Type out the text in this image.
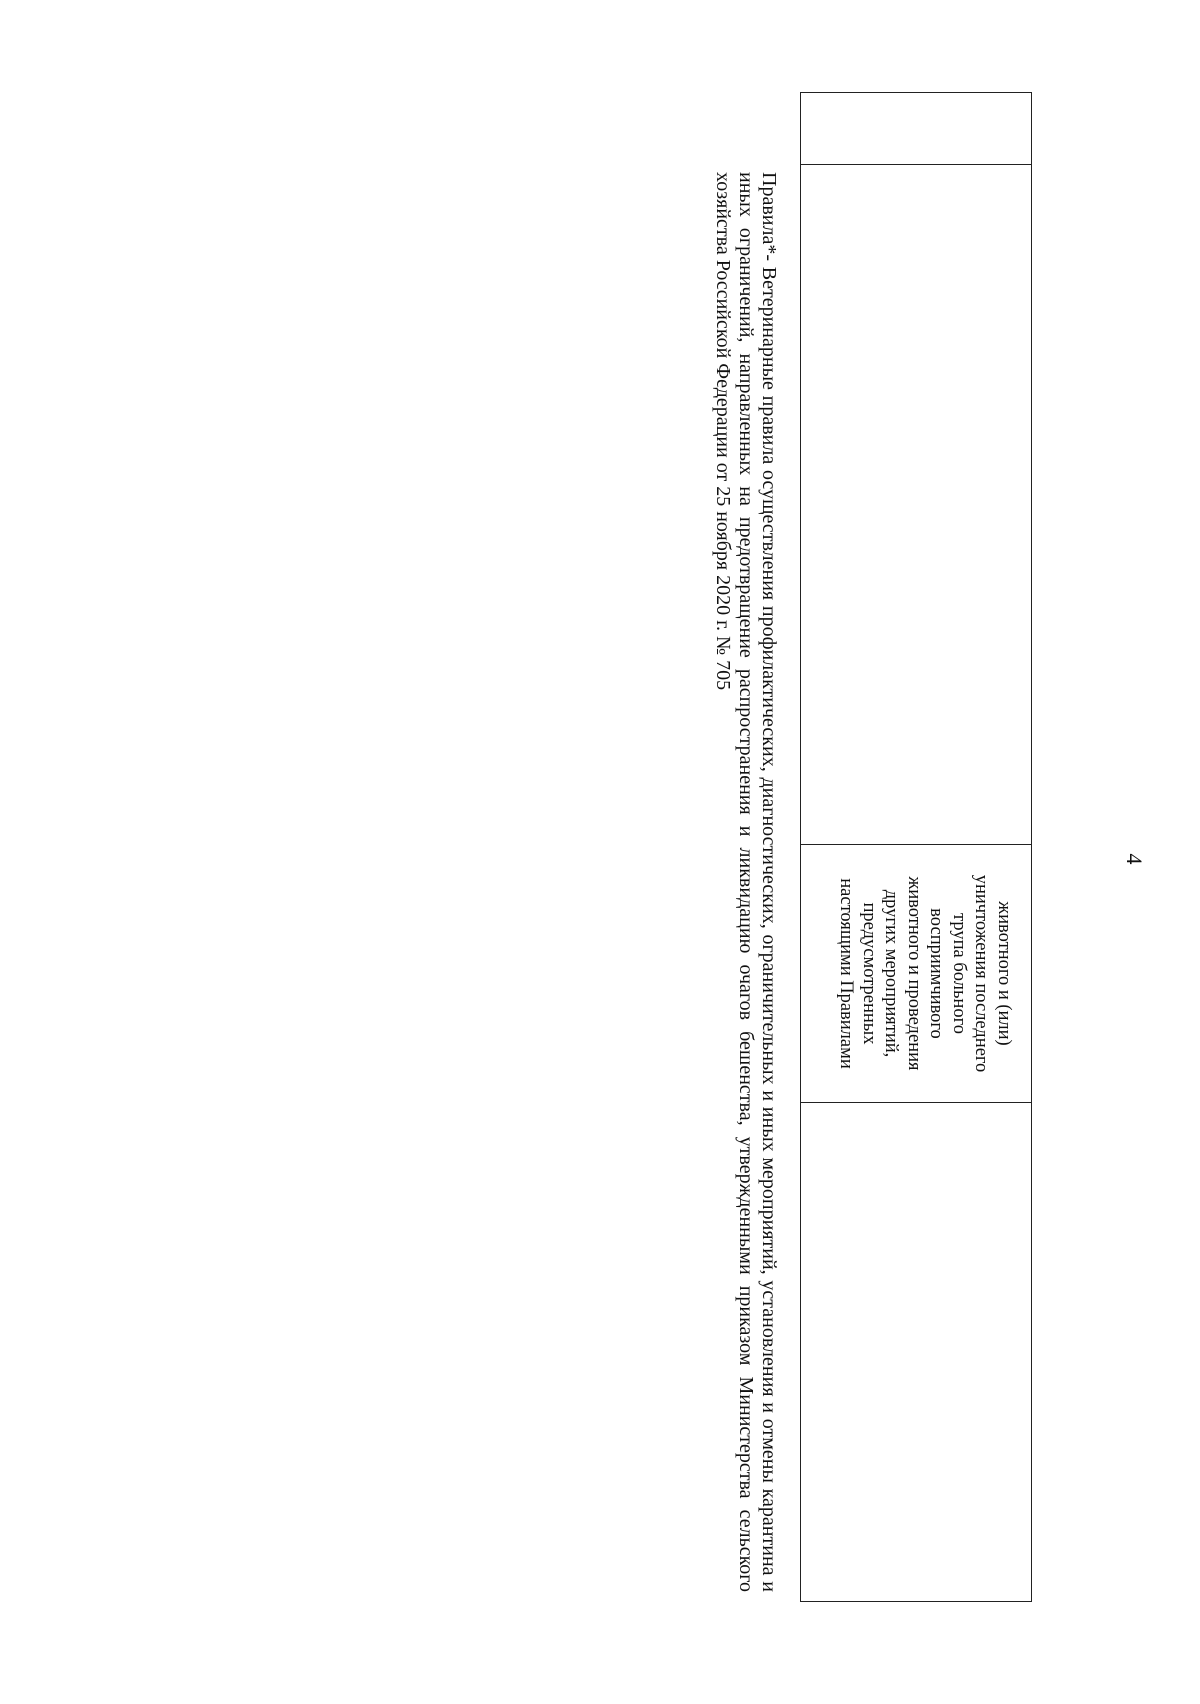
4
животного и (или)
уничтожения последнего
трупа больного
восприимчивого
животного и проведения
других мероприятий,
предусмотренных
настоящими Правилами
Правила*- Ветеринарные правила осуществления профилактических, диагностических, ограничительных и иных мероприятий, установления и отмены карантина и иных ограничений, направленных на предотвращение распространения и ликвидацию очагов бешенства, утвержденными приказом Министерства сельского хозяйства Российской Федерации от 25 ноября 2020 г. № 705
